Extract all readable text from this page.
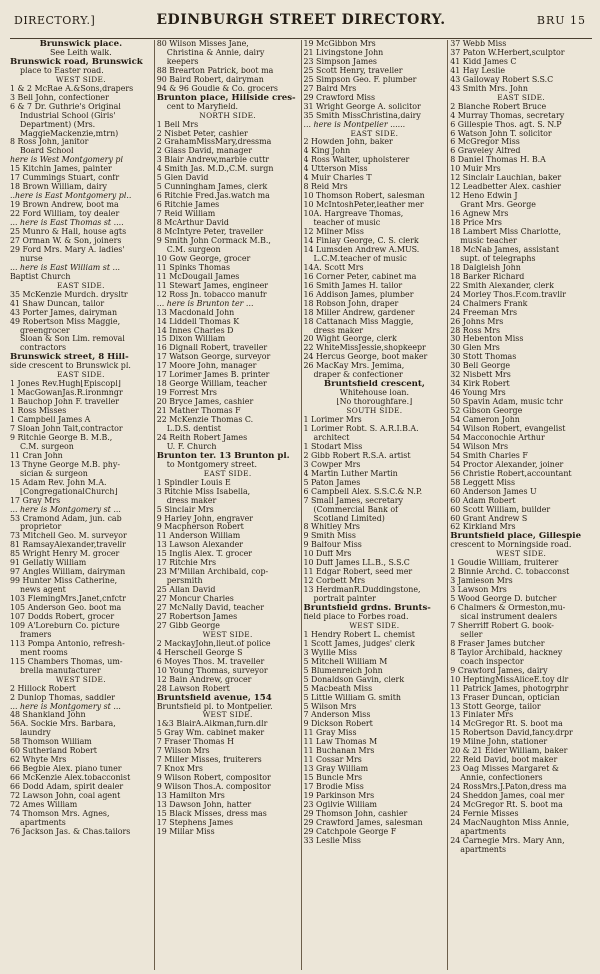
DIRECTORY.]	EDINBURGH STREET DIRECTORY.	BRU 15
Brunswick place.
See Leith walk.
Brunswick road, Brunswick
place to Easter road.
WEST SIDE.
1 & 2 McRae A.&Sons,drapers
3 Bell John, confectioner
6 & 7 Dr. Guthrie's Original
Industrial School (Girls'
Department) (Mrs.
MaggieMackenzie,mtrn)
8 Ross John, janitor
Board School
here is West Montgomery pl
15 Kitchin James, painter
17 Cummings Stuart, confr
18 Brown William, dairy
..here is East Montgomery pl..
19 Brown Andrew, boot ma
22 Ford William, toy dealer
... here is East Thomas st ....
25 Munro & Hall, house agts
27 Orman W. & Son, joiners
29 Ford Mrs. Mary A. ladies'
nurse
... here is East William st ...
Baptist Church
EAST SIDE.
35 McKenzie Murdch. drysltr
41 Shaw Duncan, tailor
43 Porter James, dairyman
49 Robertson Miss Maggie,
greengrocer
Sloan & Son Lim. removal
contractors
Brunswick street, 8 Hill-
side crescent to Brunswick pl.
EAST SIDE.
1 Jones Rev.Hugh[Episcopl]
1 MacGowanJas.R.ironmngr
1 Bauchop John F. traveller
1 Ross Misses
1 Campbell James A
7 Sloan John Tait,contractor
9 Ritchie George B. M.B.,
C.M. surgeon
11 Cran John
13 Thyne George M.B. phy-
sician & surgeon
15 Adam Rev. John M.A.
[CongregationalChurch]
17 Gray Mrs
... here is Montgomery st ...
53 Cramond Adam, jun. cab
proprietor
73 Mitchell Geo. M. surveyor
81 RamsayAlexander,travellr
85 Wright Henry M. grocer
91 Gellatly William
97 Angles William, dairyman
99 Hunter Miss Catherine,
news agent
103 FlemingMrs.Janet,cnfctr
105 Anderson Geo. boot ma
107 Dodds Robert, grocer
109 A'Loreburn Co. picture
framers
113 Pompa Antonio, refresh-
ment rooms
115 Chambers Thomas, um-
brella manufacturer
WEST SIDE.
2 Hillock Robert
2 Dunlop Thomas, saddler
... here is Montgomery st ...
48 Shankland John
56A. Sockie Mrs. Barbara,
laundry
58 Thomson William
60 Sutherland Robert
62 Whyte Mrs
66 Begbie Alex. piano tuner
66 McKenzie Alex.tobacconist
66 Dodd Adam, spirit dealer
72 Lawson John, coal agent
72 Ames William
74 Thomson Mrs. Agnes,
apartments
76 Jackson Jas. & Chas.tailors
80 Wilson Misses Jane,
Christina & Annie, dairy
keepers
88 Brearton Patrick, boot ma
90 Baird Robert, dairyman
94 & 96 Goudie & Co. grocers
Brunton place, Hillside cres-
cent to Maryfield.
NORTH SIDE.
1 Bell Mrs
2 Nisbet Peter, cashier
2 GrahamMissMary,dressma
2 Glass David, manager
3 Blair Andrew,marble cuttr
4 Smith Jas. M.D.,C.M. surgn
5 Glen David
5 Cunningham James, clerk
6 Ritchie Fred.Jas.watch ma
6 Ritchie James
7 Reid William
8 McArthur David
8 McIntyre Peter, traveller
9 Smith John Cormack M.B.,
C.M. surgeon
10 Gow George, grocer
11 Spinks Thomas
11 McDougall James
11 Stewart James, engineer
12 Ross Jn. tobacco manufr
... here is Brunton ter ...
13 Macdonald John
14 Liddell Thomas K
14 Innes Charles D
15 Dixon William
16 Dignall Robert, traveller
17 Watson George, surveyor
17 Moore John, manager
17 Lorimer James B. printer
18 George William, teacher
19 Forrest Mrs
20 Bryce James, cashier
21 Mather Thomas F
22 McKenzie Thomas C.
L.D.S. dentist
24 Reith Robert James
U. F. Church
Brunton ter. 13 Brunton pl.
to Montgomery street.
EAST SIDE.
1 Spindler Louis E
3 Ritchie Miss Isabella,
dress maker
5 Sinclair Mrs
9 Harley John, engraver
9 Macpherson Robert
11 Anderson William
13 Lawson Alexander
15 Inglis Alex. T. grocer
17 Ritchie Mrs
23 M'Millan Archibald, cop-
persmith
25 Allan David
27 Moncur Charles
27 McNally David, teacher
27 Robertson James
27 Gibb George
WEST SIDE.
2 MackayJohn,lieut.of police
4 Herschell George S
6 Moyes Thos. M. traveller
10 Young Thomas, surveyor
12 Bain Andrew, grocer
28 Lawson Robert
Bruntsfield avenue, 154
Bruntsfield pl. to Montpelier.
WEST SIDE.
1&3 BlairA.Aikman,furn.dlr
5 Gray Wm. cabinet maker
7 Fraser Thomas H
7 Wilson Mrs
7 Miller Misses, fruiterers
7 Knox Mrs
9 Wilson Robert, compositor
9 Wilson Thos.A. compositor
13 Hamilton Mrs
13 Dawson John, hatter
15 Black Misses, dress mas
17 Stephens James
19 Millar Miss
19 McGibbon Mrs
21 Livingstone John
23 Simpson James
25 Scott Henry, traveller
25 Simpson Geo. F. plumber
27 Baird Mrs
29 Crawford Miss
31 Wright George A. solicitor
35 Smith MissChristina,dairy
... here is Montpelier ......
EAST SIDE.
2 Howden John, baker
4 King John
4 Ross Walter, upholsterer
4 Utterson Miss
4 Muir Charles T
8 Reid Mrs
10 Thomson Robert, salesman
10 McIntoshPeter,leather mer
10A. Hargreave Thomas,
teacher of music
12 Milner Miss
14 Finlay George, C. S. clerk
14 Lumsden Andrew A.MUS.
L.C.M.teacher of music
14A. Scott Mrs
16 Corner Peter, cabinet ma
16 Smith James H. tailor
16 Addison James, plumber
18 Robson John, draper
18 Miller Andrew, gardener
18 Cattanach Miss Maggie,
dress maker
20 Wight George, clerk
22 WhiteMissJessie,shopkeepr
24 Hercus George, boot maker
26 MacKay Mrs. Jemima,
draper & confectioner
Bruntsfield crescent,
Whitehouse loan.
[No thoroughfare.]
SOUTH SIDE.
1 Lorimer Mrs
1 Lorimer Robt. S. A.R.I.B.A.
architect
1 Stodart Miss
2 Gibb Robert R.S.A. artist
3 Cowper Mrs
4 Martin Luther Martin
5 Paton James
6 Campbell Alex. S.S.C.& N.P.
7 Small James, secretary
(Commercial Bank of
Scotland Limited)
8 Whitley Mrs
9 Smith Miss
9 Balfour Miss
10 Duff Mrs
10 Duff James LL.B., S.S.C
11 Edgar Robert, seed mer
12 Corbett Mrs
13 HerdmanR.Duddingstone,
portrait painter
Bruntsfield grdns. Brunts-
field place to Forbes road.
WEST SIDE.
1 Hendry Robert L. chemist
1 Scott James, judges' clerk
3 Wyllie Miss
5 Mitchell William M
5 Blumenreich John
5 Donaldson Gavin, clerk
5 Macbeath Miss
5 Little William G. smith
5 Wilson Mrs
7 Anderson Miss
9 Dickson Robert
11 Gray Miss
11 Law Thomas M
11 Buchanan Mrs
11 Cossar Mrs
13 Gray William
15 Buncle Mrs
17 Brodie Miss
19 Parkinson Mrs
23 Ogilvie William
29 Thomson John, cashier
29 Crawford James, salesman
29 Catchpole George F
33 Leslie Miss
37 Webb Miss
37 Paton W.Herbert,sculptor
41 Kidd James C
41 Hay Leslie
43 Galloway Robert S.S.C
43 Smith Mrs. John
EAST SIDE.
2 Blanche Robert Bruce
4 Murray Thomas, secretary
6 Gillespie Thos. agt. S. N.P
6 Watson John T. solicitor
6 McGregor Miss
6 Graveley Alfred
8 Daniel Thomas H. B.A
10 Muir Mrs
12 Sinclair Lauchlan, baker
12 Leadbetter Alex. cashier
12 Heno Edwin J
Grant Mrs. George
16 Agnew Mrs
18 Price Mrs
18 Lambert Miss Charlotte,
music teacher
18 McNab James, assistant
supt. of telegraphs
18 Dalgleish John
18 Barker Richard
22 Smith Alexander, clerk
24 Morley Thos.F.com.travllr
24 Chalmers Frank
24 Freeman Mrs
26 Johns Mrs
28 Ross Mrs
30 Hebenton Miss
30 Glen Mrs
30 Stott Thomas
30 Bell George
32 Nisbett Mrs
34 Kirk Robert
46 Young Mrs
50 Spavin Adam, music tchr
52 Gibson George
54 Cameron John
54 Wilson Robert, evangelist
54 Macconochie Arthur
54 Wilson Mrs
54 Smith Charles F
54 Proctor Alexander, joiner
56 Christie Robert,accountant
58 Leggett Miss
60 Anderson James U
60 Adam Robert
60 Scott William, builder
60 Grant Andrew S
62 Kirkland Mrs
Bruntsfield place, Gillespie
crescent to Morningside road.
WEST SIDE.
1 Goudie William, fruiterer
2 Binnie Archd. C. tobacconst
3 Jamieson Mrs
3 Lawson Mrs
5 Wood George D. butcher
6 Chalmers & Ormeston,mu-
sical instrument dealers
7 Sherriff Robert G. book-
seller
8 Fraser James butcher
8 Taylor Archibald, hackney
coach inspector
9 Crawford James, dairy
10 HeptingMissAliceE.toy dlr
11 Patrick James, photogrphr
13 Fraser Duncan, optician
13 Stott George, tailor
13 Finlater Mrs
14 McGregor Rt. S. boot ma
15 Robertson David,fancy.drpr
19 Milne John, stationer
20 & 21 Elder William, baker
22 Reid David, boot maker
23 Oag Misses Margaret &
Annie, confectioners
24 RossMrs.J.Paton,dress ma
24 Sheddon James, coal mer
24 McGregor Rt. S. boot ma
24 Fernie Misses
24 MacNaughton Miss Annie,
apartments
24 Carnegie Mrs. Mary Ann,
apartments
